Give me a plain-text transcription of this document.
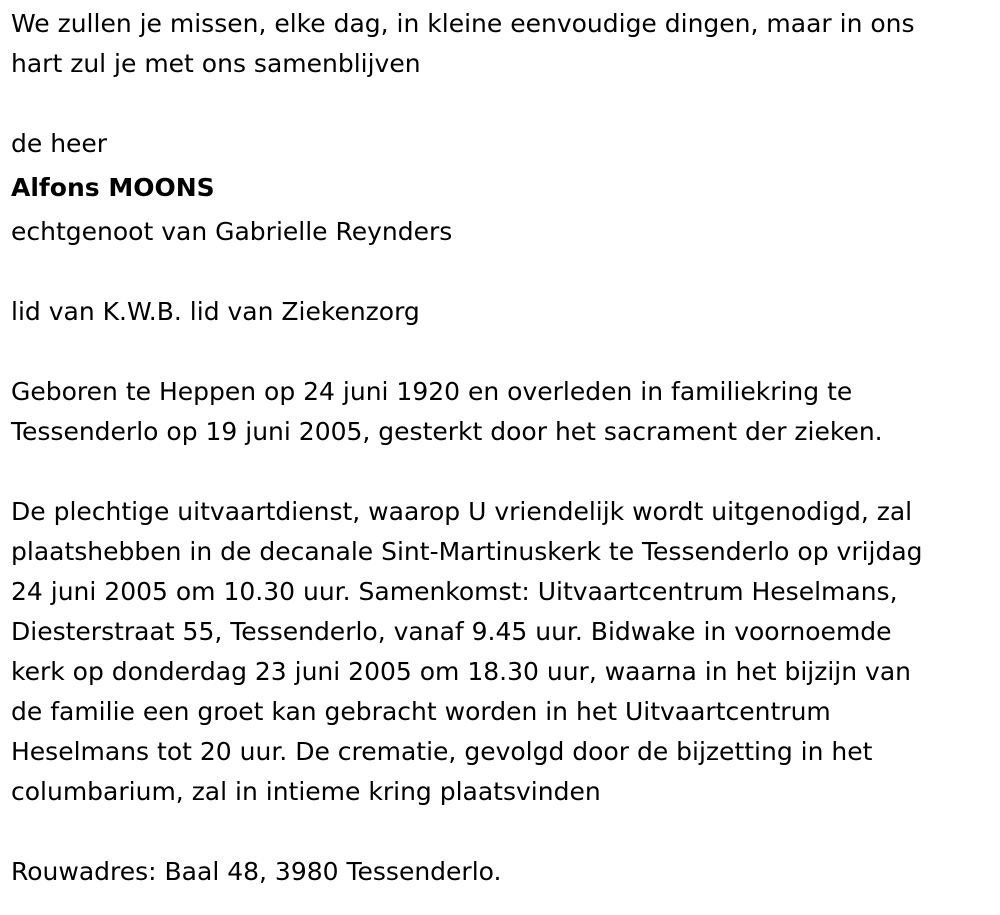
We zullen je missen, elke dag, in kleine eenvoudige dingen, maar in ons

hart zul je met ons samenblijven

de heer

Alfons MOONS

echtgenoot van Gabrielle Reynders

lid van K.W.B. lid van Ziekenzorg

Geboren te Heppen op 24 juni 1920 en overleden in familiekring te

Tessenderlo op 19 juni 2005, gesterkt door het sacrament der zieken.

De plechtige uitvaartdienst, waarop U vriendelijk wordt uitgenodigd, zal

plaatshebben in de decanale Sint-Martinuskerk te Tessenderlo op vrijdag

24 juni 2005 om 10.30 uur. Samenkomst: Uitvaartcentrum Heselmans,

Diesterstraat 55, Tessenderlo, vanaf 9.45 uur. Bidwake in voornoemde

kerk op donderdag 23 juni 2005 om 18.30 uur, waarna in het bijzijn van

de familie een groet kan gebracht worden in het Uitvaartcentrum

Heselmans tot 20 uur. De crematie, gevolgd door de bijzetting in het

columbarium, zal in intieme kring plaatsvinden

Rouwadres: Baal 48, 3980 Tessenderlo.
